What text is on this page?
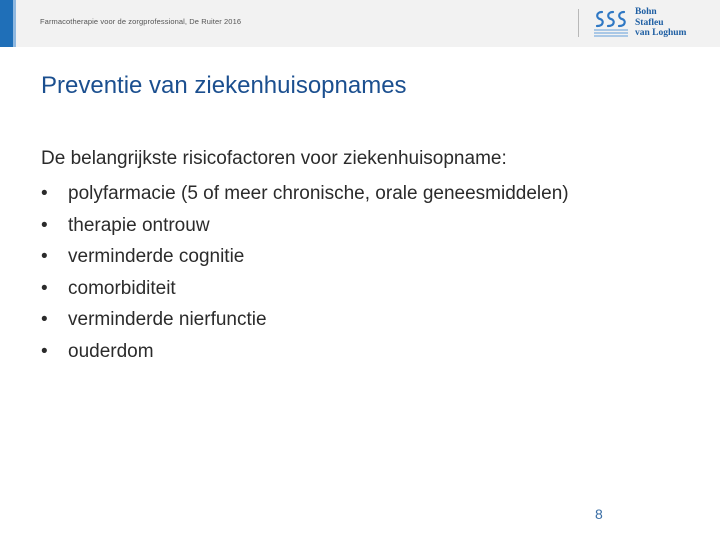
Farmacotherapie voor de zorgprofessional, De Ruiter 2016
Bohn
Stafleu
van Loghum
Preventie van ziekenhuisopnames
De belangrijkste risicofactoren voor ziekenhuisopname:
• polyfarmacie (5 of meer chronische, orale geneesmiddelen)
• therapie ontrouw
• verminderde cognitie
• comorbiditeit
• verminderde nierfunctie
• ouderdom
8
